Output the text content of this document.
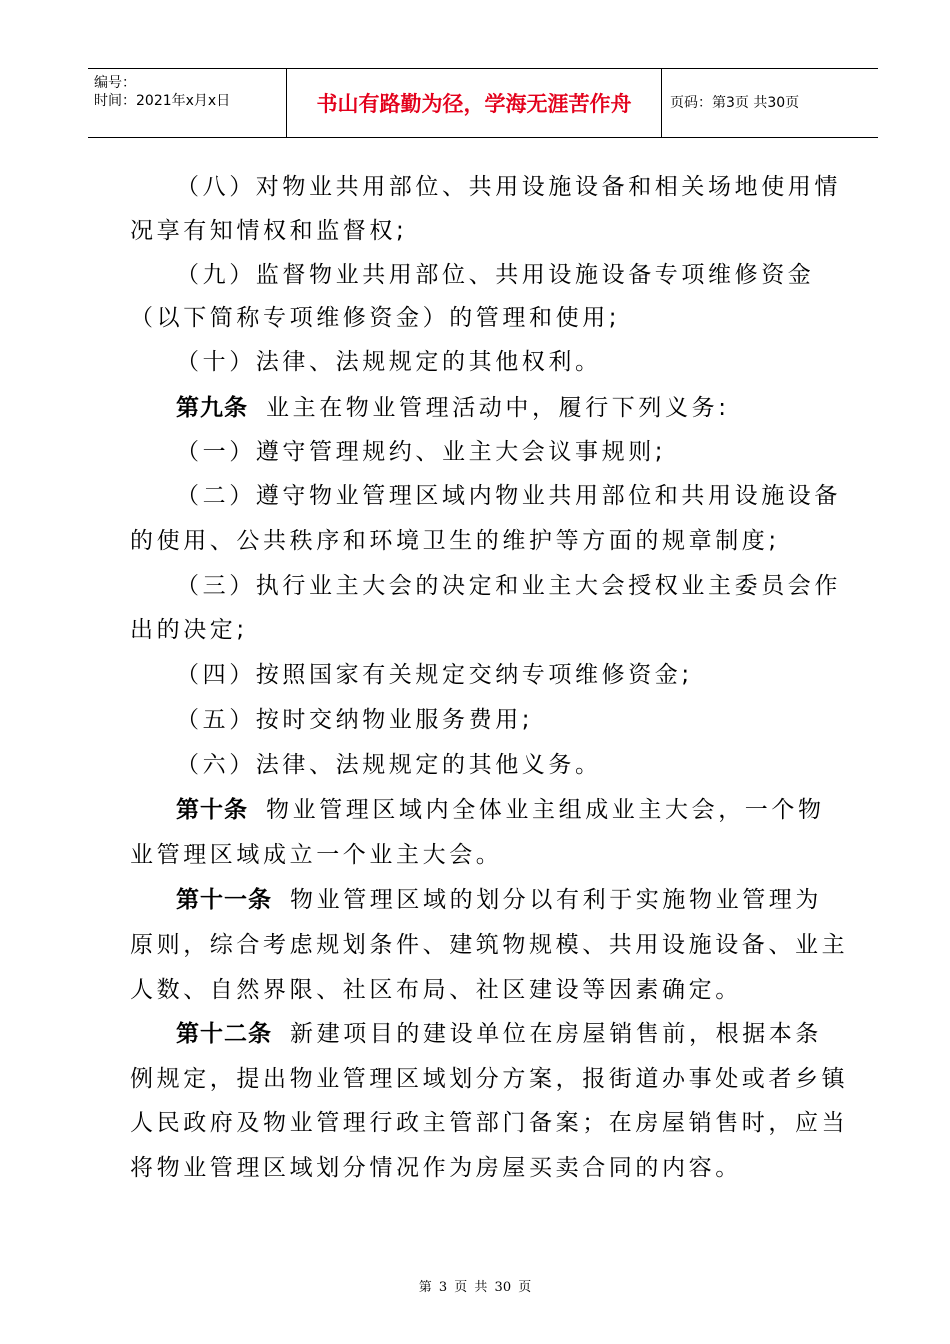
编号：
时间：2021年x月x日	书山有路勤为径，学海无涯苦作舟	页码：第3页 共30页
（八）对物业共用部位、共用设施设备和相关场地使用情
况享有知情权和监督权;
（九）监督物业共用部位、共用设施设备专项维修资金
（以下简称专项维修资金）的管理和使用;
（十）法律、法规规定的其他权利。
第九条 业主在物业管理活动中，履行下列义务:
（一）遵守管理规约、业主大会议事规则;
（二）遵守物业管理区域内物业共用部位和共用设施设备
的使用、公共秩序和环境卫生的维护等方面的规章制度;
（三）执行业主大会的决定和业主大会授权业主委员会作
出的决定;
（四）按照国家有关规定交纳专项维修资金;
（五）按时交纳物业服务费用;
（六）法律、法规规定的其他义务。
第十条 物业管理区域内全体业主组成业主大会，一个物
业管理区域成立一个业主大会。
第十一条 物业管理区域的划分以有利于实施物业管理为
原则，综合考虑规划条件、建筑物规模、共用设施设备、业主
人数、自然界限、社区布局、社区建设等因素确定。
第十二条 新建项目的建设单位在房屋销售前，根据本条
例规定，提出物业管理区域划分方案，报街道办事处或者乡镇
人民政府及物业管理行政主管部门备案；在房屋销售时，应当
将物业管理区域划分情况作为房屋买卖合同的内容。
第 3 页 共 30 页
